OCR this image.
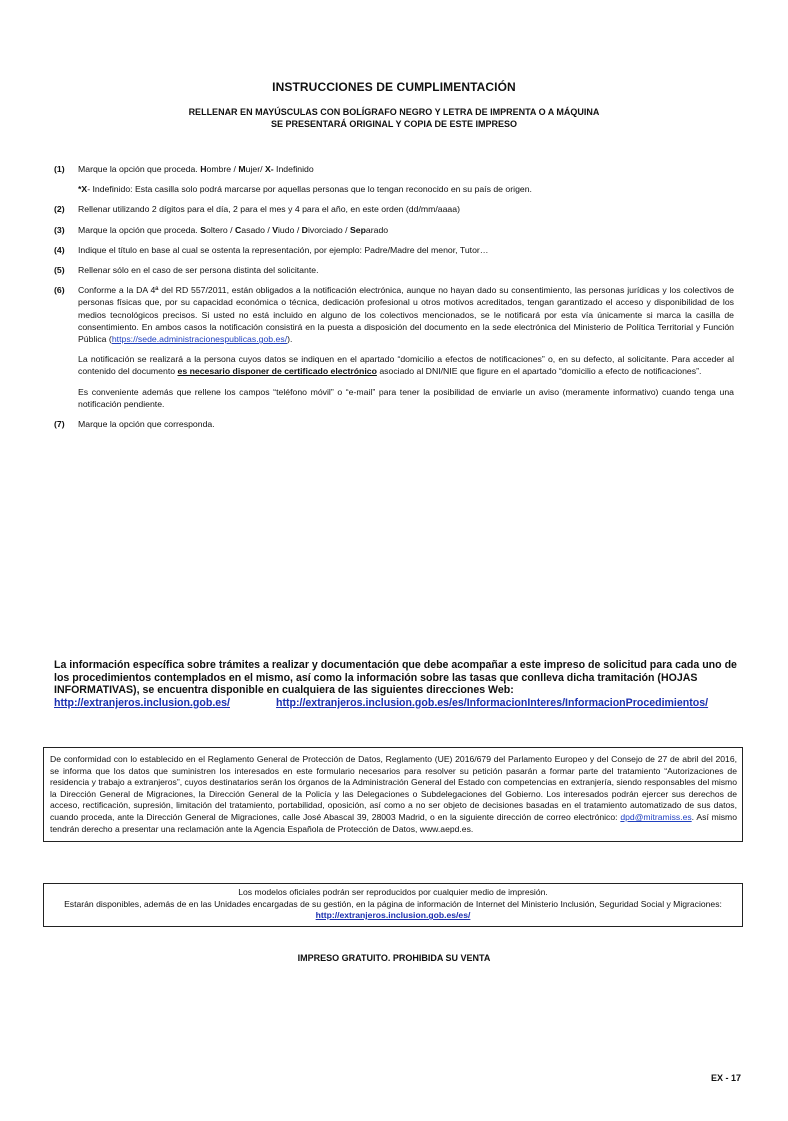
INSTRUCCIONES DE CUMPLIMENTACIÓN
RELLENAR EN MAYÚSCULAS CON BOLÍGRAFO NEGRO Y LETRA DE IMPRENTA O A MÁQUINA
SE PRESENTARÁ ORIGINAL Y COPIA DE ESTE IMPRESO
(1) Marque la opción que proceda. Hombre / Mujer/ X- Indefinido

*X- Indefinido: Esta casilla solo podrá marcarse por aquellas personas que lo tengan reconocido en su país de origen.

(2) Rellenar utilizando 2 dígitos para el día, 2 para el mes y 4 para el año, en este orden (dd/mm/aaaa)

(3) Marque la opción que proceda. Soltero / Casado / Viudo / Divorciado / Separado

(4) Indique el título en base al cual se ostenta la representación, por ejemplo: Padre/Madre del menor, Tutor…

(5) Rellenar sólo en el caso de ser persona distinta del solicitante.

(6) Conforme a la DA 4ª del RD 557/2011, están obligados a la notificación electrónica, aunque no hayan dado su consentimiento, las personas jurídicas y los colectivos de personas físicas que, por su capacidad económica o técnica, dedicación profesional u otros motivos acreditados, tengan garantizado el acceso y disponibilidad de los medios tecnológicos precisos. Si usted no está incluido en alguno de los colectivos mencionados, se le notificará por esta vía únicamente si marca la casilla de consentimiento. En ambos casos la notificación consistirá en la puesta a disposición del documento en la sede electrónica del Ministerio de Política Territorial y Función Pública (https://sede.administracionespublicas.gob.es/).

La notificación se realizará a la persona cuyos datos se indiquen en el apartado “domicilio a efectos de notificaciones” o, en su defecto, al solicitante. Para acceder al contenido del documento es necesario disponer de certificado electrónico asociado al DNI/NIE que figure en el apartado “domicilio a efecto de notificaciones”.

Es conveniente además que rellene los campos “teléfono móvil” o “e-mail” para tener la posibilidad de enviarle un aviso (meramente informativo) cuando tenga una notificación pendiente.

(7) Marque la opción que corresponda.

La información específica sobre trámites a realizar y documentación que debe acompañar a este impreso de solicitud para cada uno de los procedimientos contemplados en el mismo, así como la información sobre las tasas que conlleva dicha tramitación (HOJAS INFORMATIVAS), se encuentra disponible en cualquiera de las siguientes direcciones Web:

http://extranjeros.inclusion.gob.es/	http://extranjeros.inclusion.gob.es/es/InformacionInteres/InformacionProcedimientos/

De conformidad con lo establecido en el Reglamento General de Protección de Datos, Reglamento (UE) 2016/679 del Parlamento Europeo y del Consejo de 27 de abril del 2016, se informa que los datos que suministren los interesados en este formulario necesarios para resolver su petición pasarán a formar parte del tratamiento “Autorizaciones de residencia y trabajo a extranjeros”, cuyos destinatarios serán los órganos de la Administración General del Estado con competencias en extranjería, siendo responsables del mismo la Dirección General de Migraciones, la Dirección General de la Policía y las Delegaciones o Subdelegaciones del Gobierno. Los interesados podrán ejercer sus derechos de acceso, rectificación, supresión, limitación del tratamiento, portabilidad, oposición, así como a no ser objeto de decisiones basadas en el tratamiento automatizado de sus datos, cuando proceda, ante la Dirección General de Migraciones, calle José Abascal 39, 28003 Madrid, o en la siguiente dirección de correo electrónico: dpd@mitramiss.es. Así mismo tendrán derecho a presentar una reclamación ante la Agencia Española de Protección de Datos, www.aepd.es.
Los modelos oficiales podrán ser reproducidos por cualquier medio de impresión.
Estarán disponibles, además de en las Unidades encargadas de su gestión, en la página de información de Internet del Ministerio Inclusión, Seguridad Social y Migraciones: http://extranjeros.inclusion.gob.es/es/
IMPRESO GRATUITO. PROHIBIDA SU VENTA
EX - 17
